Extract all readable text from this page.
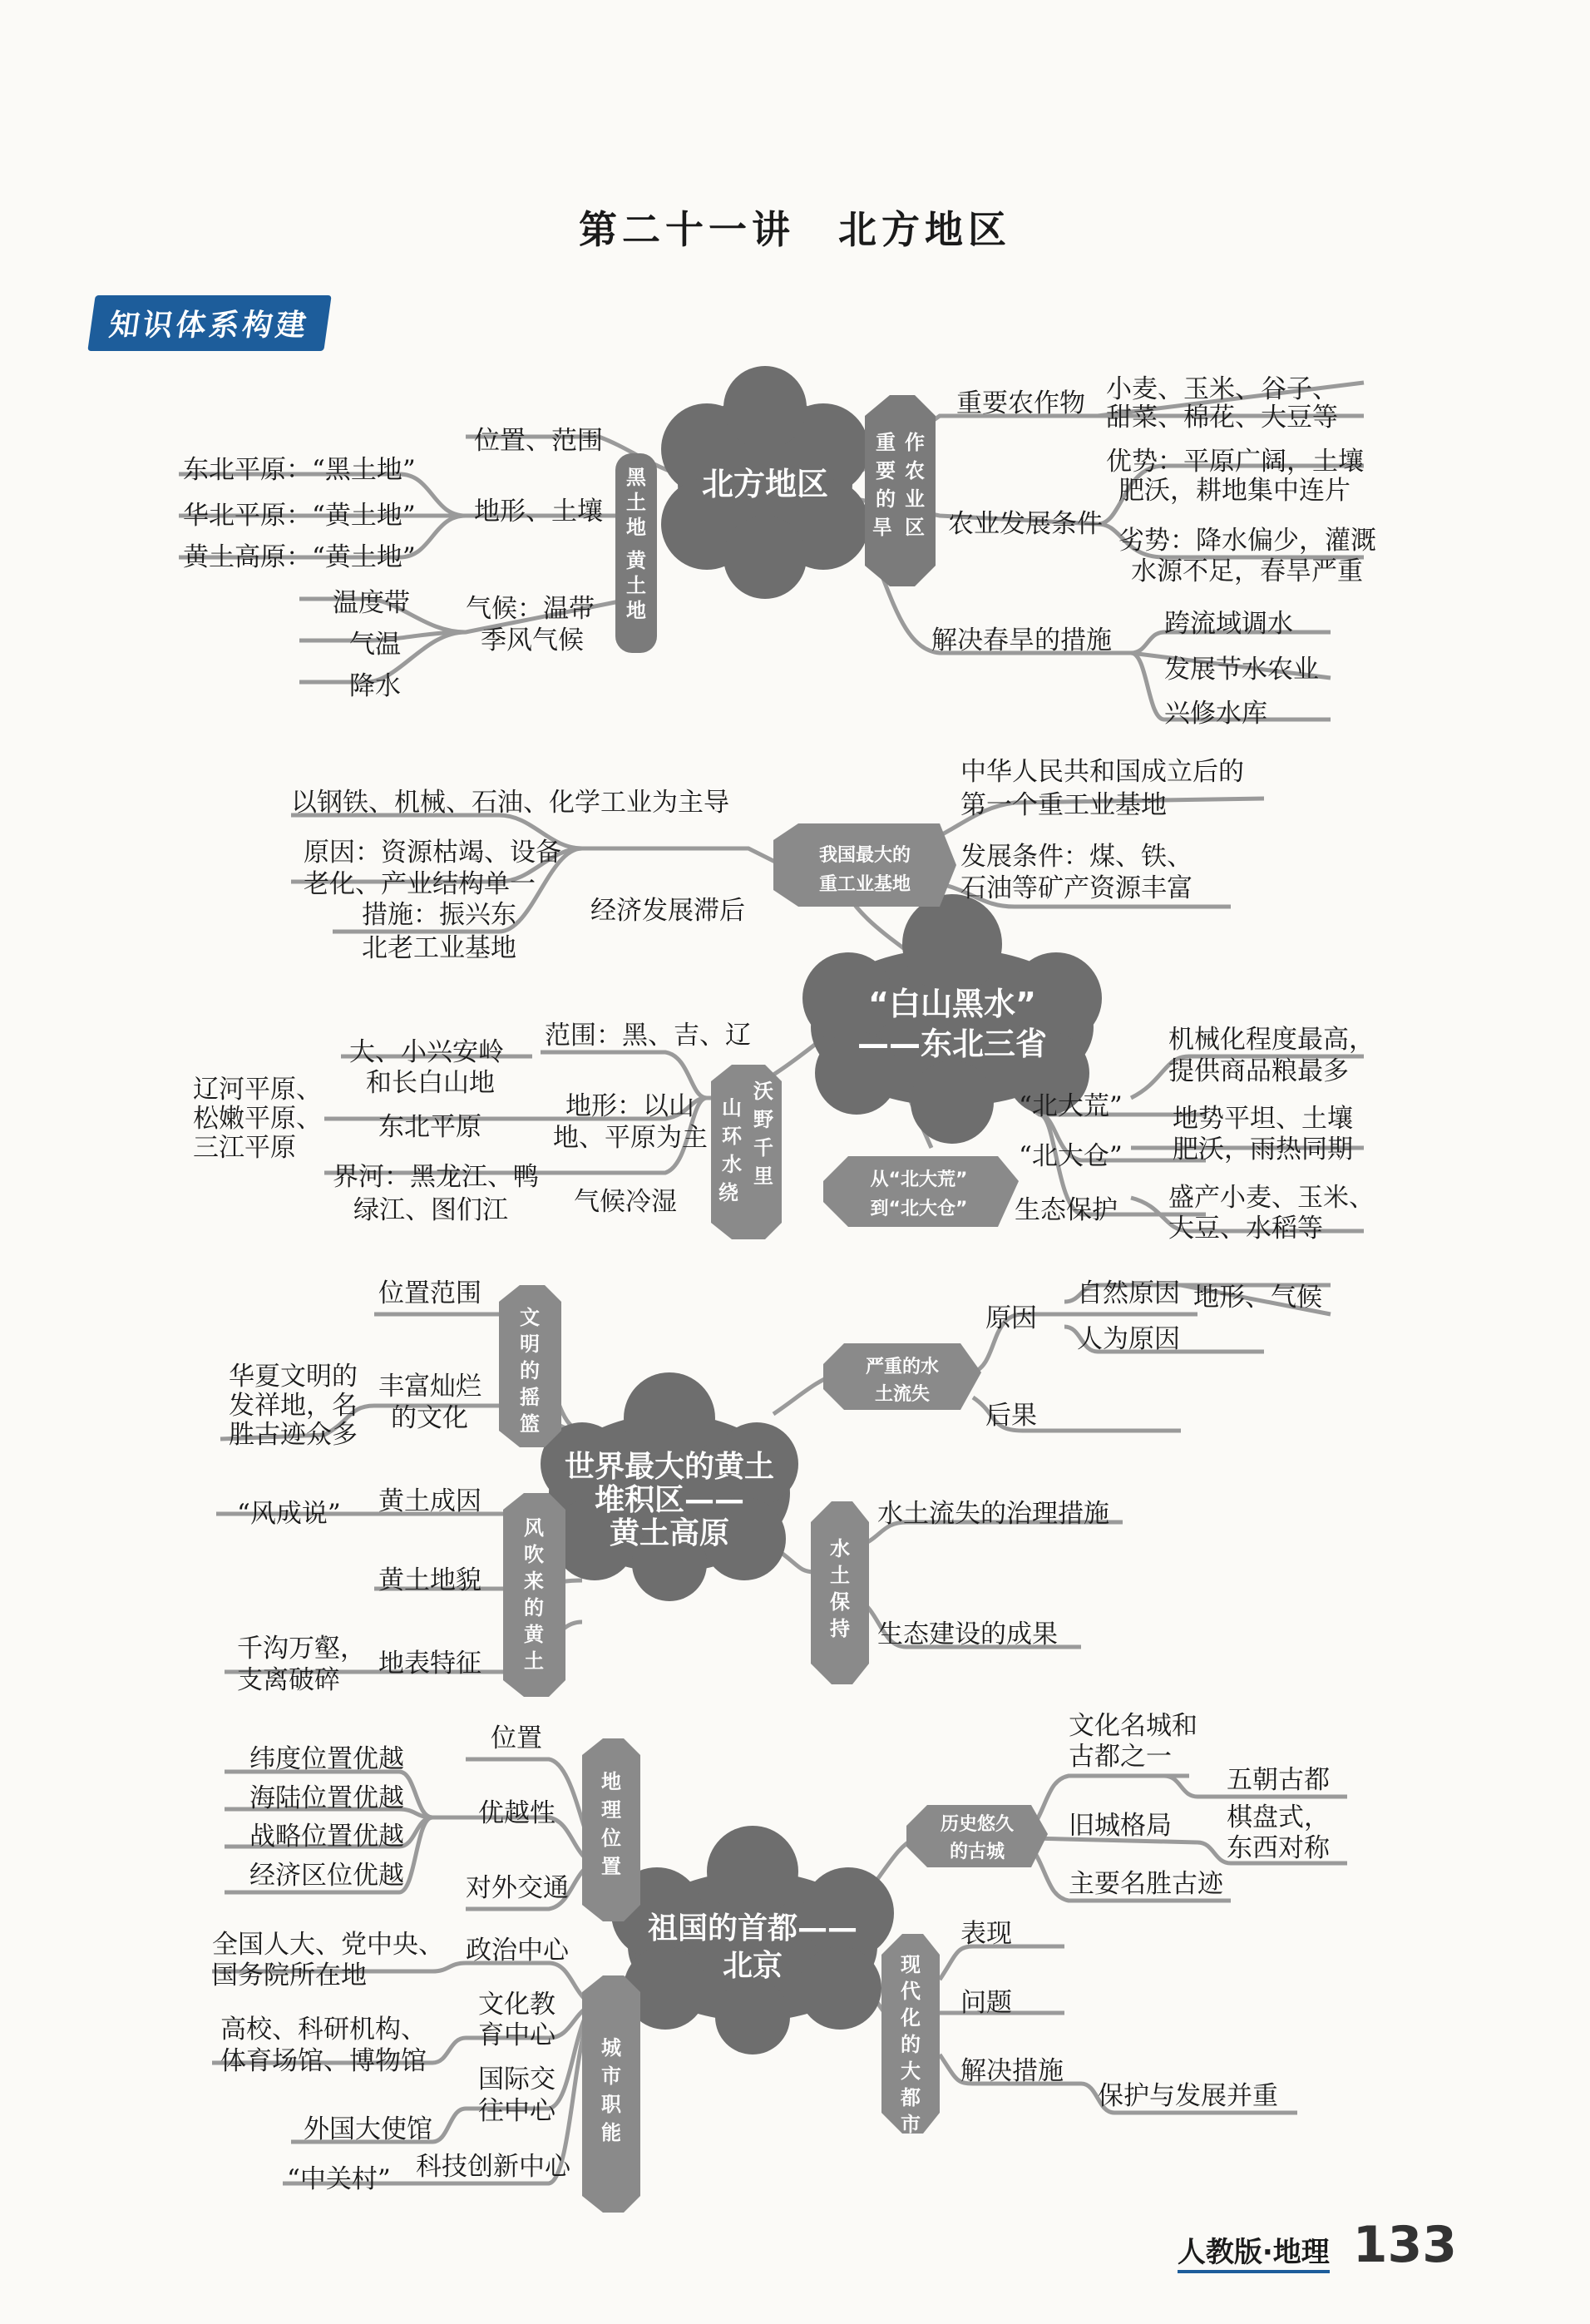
第二十一讲　北方地区
知识体系构建
北方地区
黑土地黄土地
重要的旱 作农业区
位置、范围
地形、土壤
气候：温带
季风气候
东北平原：“黑土地”
华北平原：“黄土地”
黄土高原：“黄土地”
温度带
气温
降水
重要农作物
农业发展条件
解决春旱的措施
小麦、玉米、谷子、
甜菜、棉花、大豆等
优势：平原广阔，土壤
肥沃，耕地集中连片
劣势：降水偏少，灌溉
水源不足，春旱严重
跨流域调水
发展节水农业
兴修水库
“白山黑水”
——东北三省
我国最大的
重工业基地
山环水绕 沃野千里	从“北大荒”
到“北大仓”
以钢铁、机械、石油、化学工业为主导
原因：资源枯竭、设备
老化、产业结构单一
措施：振兴东
北老工业基地
经济发展滞后
中华人民共和国成立后的
第一个重工业基地
发展条件：煤、铁、
石油等矿产资源丰富
范围：黑、吉、辽
地形：以山
地、平原为主
气候冷湿
大、小兴安岭
和长白山地
辽河平原、
松嫩平原、
三江平原
东北平原
界河：黑龙江、鸭
绿江、图们江
“北大荒”
“北大仓”
生态保护
机械化程度最高，
提供商品粮最多
地势平坦、土壤
肥沃，雨热同期
盛产小麦、玉米、
大豆、水稻等
世界最大的黄土
堆积区——
黄土高原
文明的摇篮
风吹来的黄土
严重的水
土流失
水土保持
位置范围
丰富灿烂
的文化
黄土成因
黄土地貌
地表特征
华夏文明的
发祥地，名
胜古迹众多
“风成说”
千沟万壑，
支离破碎
原因
后果
水土流失的治理措施
生态建设的成果
自然原因
人为原因
地形、气候
祖国的首都——
北京
地理位置
城市职能
历史悠久
的古城
现代化的大都市
位置
优越性
对外交通
政治中心
文化教
育中心
国际交
往中心
科技创新中心
纬度位置优越
海陆位置优越
战略位置优越
经济区位优越
全国人大、党中央、
国务院所在地
高校、科研机构、
体育场馆、博物馆
外国大使馆
“中关村”
文化名城和
古都之一
旧城格局
主要名胜古迹
表现
问题
解决措施
五朝古都
棋盘式，
东西对称
保护与发展并重
人教版·地理 133
